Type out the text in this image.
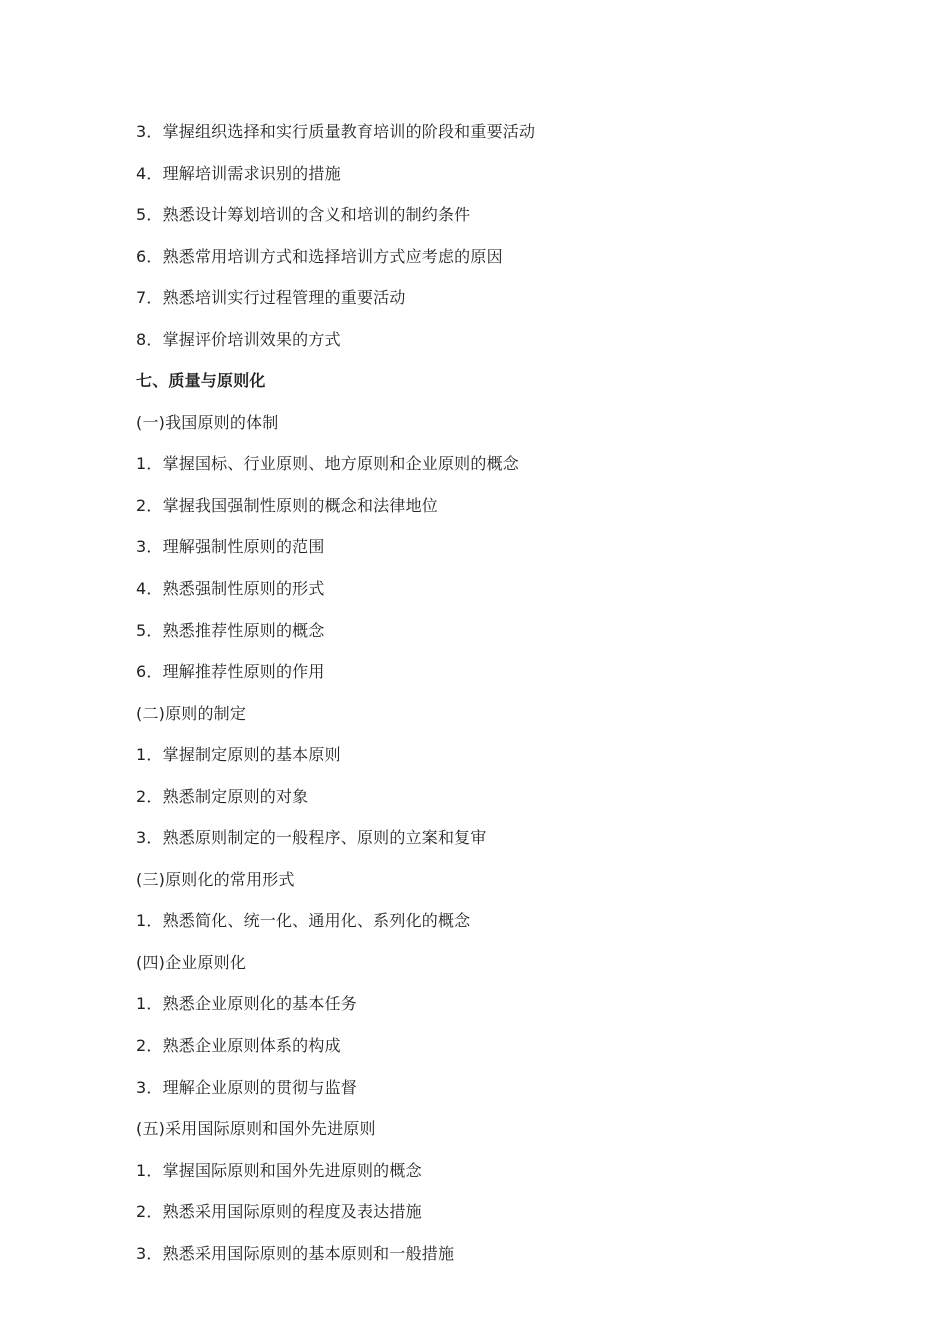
3．掌握组织选择和实行质量教育培训的阶段和重要活动
4．理解培训需求识别的措施
5．熟悉设计筹划培训的含义和培训的制约条件
6．熟悉常用培训方式和选择培训方式应考虑的原因
7．熟悉培训实行过程管理的重要活动
8．掌握评价培训效果的方式
七、质量与原则化
(一)我国原则的体制
1．掌握国标、行业原则、地方原则和企业原则的概念
2．掌握我国强制性原则的概念和法律地位
3．理解强制性原则的范围
4．熟悉强制性原则的形式
5．熟悉推荐性原则的概念
6．理解推荐性原则的作用
(二)原则的制定
1．掌握制定原则的基本原则
2．熟悉制定原则的对象
3．熟悉原则制定的一般程序、原则的立案和复审
(三)原则化的常用形式
1．熟悉简化、统一化、通用化、系列化的概念
(四)企业原则化
1．熟悉企业原则化的基本任务
2．熟悉企业原则体系的构成
3．理解企业原则的贯彻与监督
(五)采用国际原则和国外先进原则
1．掌握国际原则和国外先进原则的概念
2．熟悉采用国际原则的程度及表达措施
3．熟悉采用国际原则的基本原则和一般措施
